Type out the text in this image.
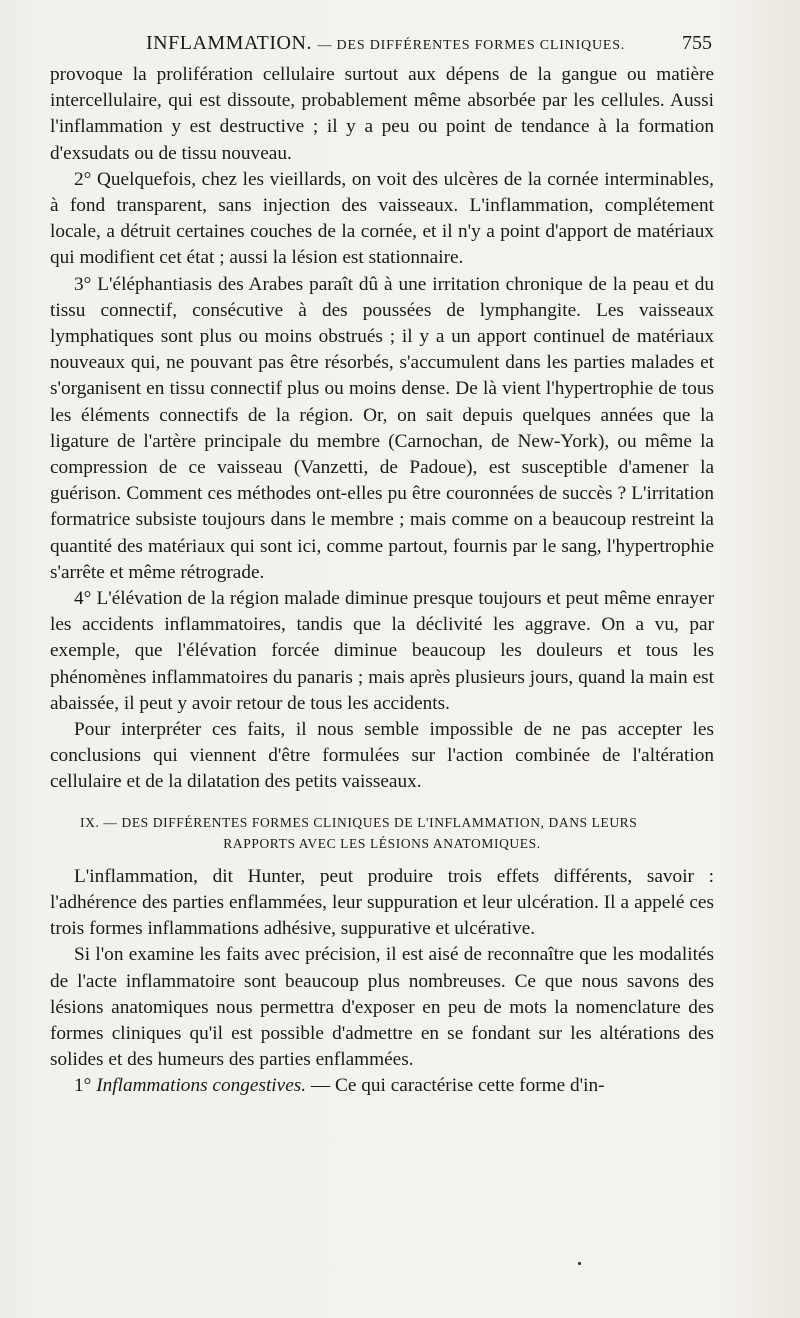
INFLAMMATION. — DES DIFFÉRENTES FORMES CLINIQUES.	755

provoque la prolifération cellulaire surtout aux dépens de la gangue ou matière intercellulaire, qui est dissoute, probablement même absorbée par les cellules. Aussi l'inflammation y est destructive ; il y a peu ou point de tendance à la formation d'exsudats ou de tissu nouveau.

2° Quelquefois, chez les vieillards, on voit des ulcères de la cornée interminables, à fond transparent, sans injection des vaisseaux. L'inflammation, complétement locale, a détruit certaines couches de la cornée, et il n'y a point d'apport de matériaux qui modifient cet état ; aussi la lésion est stationnaire.

3° L'éléphantiasis des Arabes paraît dû à une irritation chronique de la peau et du tissu connectif, consécutive à des poussées de lymphangite. Les vaisseaux lymphatiques sont plus ou moins obstrués ; il y a un apport continuel de matériaux nouveaux qui, ne pouvant pas être résorbés, s'accumulent dans les parties malades et s'organisent en tissu connectif plus ou moins dense. De là vient l'hypertrophie de tous les éléments connectifs de la région. Or, on sait depuis quelques années que la ligature de l'artère principale du membre (Carnochan, de New-York), ou même la compression de ce vaisseau (Vanzetti, de Padoue), est susceptible d'amener la guérison. Comment ces méthodes ont-elles pu être couronnées de succès ? L'irritation formatrice subsiste toujours dans le membre ; mais comme on a beaucoup restreint la quantité des matériaux qui sont ici, comme partout, fournis par le sang, l'hypertrophie s'arrête et même rétrograde.

4° L'élévation de la région malade diminue presque toujours et peut même enrayer les accidents inflammatoires, tandis que la déclivité les aggrave. On a vu, par exemple, que l'élévation forcée diminue beaucoup les douleurs et tous les phénomènes inflammatoires du panaris ; mais après plusieurs jours, quand la main est abaissée, il peut y avoir retour de tous les accidents.

Pour interpréter ces faits, il nous semble impossible de ne pas accepter les conclusions qui viennent d'être formulées sur l'action combinée de l'altération cellulaire et de la dilatation des petits vaisseaux.

IX. — DES DIFFÉRENTES FORMES CLINIQUES DE L'INFLAMMATION, DANS LEURS
RAPPORTS AVEC LES LÉSIONS ANATOMIQUES.

L'inflammation, dit Hunter, peut produire trois effets différents, savoir : l'adhérence des parties enflammées, leur suppuration et leur ulcération. Il a appelé ces trois formes inflammations adhésive, suppurative et ulcérative.

Si l'on examine les faits avec précision, il est aisé de reconnaître que les modalités de l'acte inflammatoire sont beaucoup plus nombreuses. Ce que nous savons des lésions anatomiques nous permettra d'exposer en peu de mots la nomenclature des formes cliniques qu'il est possible d'admettre en se fondant sur les altérations des solides et des humeurs des parties enflammées.

1° Inflammations congestives. — Ce qui caractérise cette forme d'in-
